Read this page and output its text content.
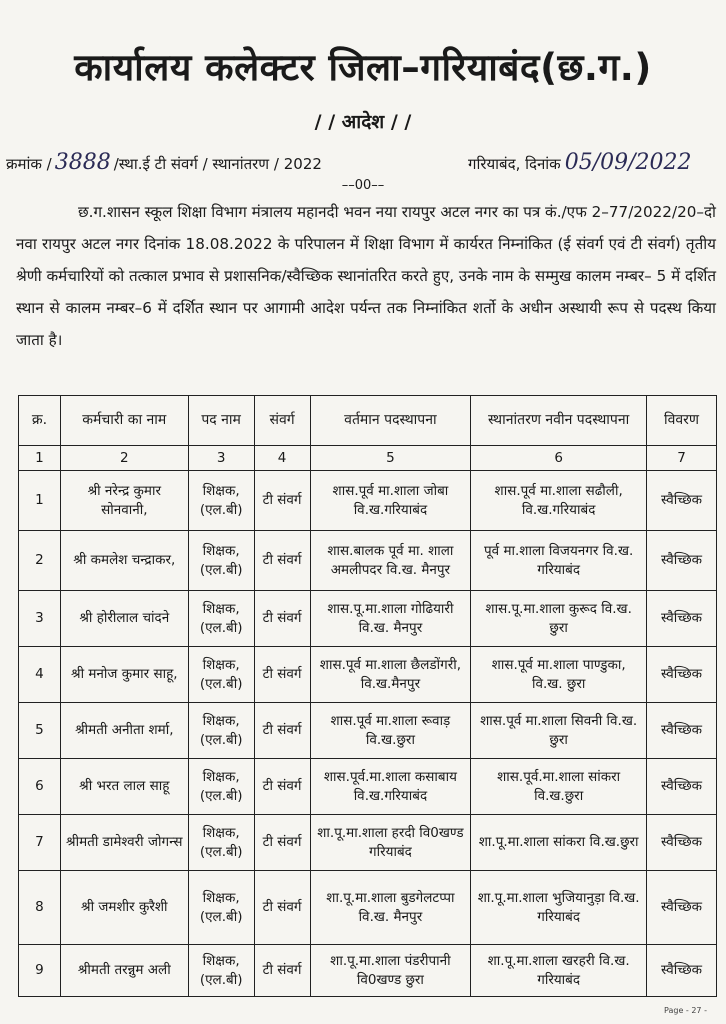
कार्यालय कलेक्टर जिला–गरियाबंद(छ.ग.)
/ / आदेश / /
क्रमांक / 3888 /स्था.ई टी संवर्ग / स्थानांतरण / 2022	गरियाबंद, दिनांक 05/09/2022
––00––
छ.ग.शासन स्कूल शिक्षा विभाग मंत्रालय महानदी भवन नया रायपुर अटल नगर का पत्र कं./एफ 2–77/2022/20–दो नवा रायपुर अटल नगर दिनांक 18.08.2022 के परिपालन में शिक्षा विभाग में कार्यरत निम्नांकित (ई संवर्ग एवं टी संवर्ग) तृतीय श्रेणी कर्मचारियों को तत्काल प्रभाव से प्रशासनिक/स्वैच्छिक स्थानांतरित करते हुए, उनके नाम के सम्मुख कालम नम्बर– 5 में दर्शित स्थान से कालम नम्बर–6 में दर्शित स्थान पर आगामी आदेश पर्यन्त तक निम्नांकित शर्तो के अधीन अस्थायी रूप से पदस्थ किया जाता है।
क्र.	कर्मचारी का नाम	पद नाम	संवर्ग	वर्तमान पदस्थापना	स्थानांतरण नवीन पदस्थापना	विवरण
1	2	3	4	5	6	7
1	श्री नरेन्द्र कुमार सोनवानी,	शिक्षक, (एल.बी)	टी संवर्ग	शास.पूर्व मा.शाला जोबा वि.ख.गरियाबंद	शास.पूर्व मा.शाला सढौली, वि.ख.गरियाबंद	स्वैच्छिक
2	श्री कमलेश चन्द्राकर,	शिक्षक, (एल.बी)	टी संवर्ग	शास.बालक पूर्व मा. शाला अमलीपदर वि.ख. मैनपुर	पूर्व मा.शाला विजयनगर वि.ख. गरियाबंद	स्वैच्छिक
3	श्री होरीलाल चांदने	शिक्षक, (एल.बी)	टी संवर्ग	शास.पू.मा.शाला गोढियारी वि.ख. मैनपुर	शास.पू.मा.शाला कुरूद वि.ख. छुरा	स्वैच्छिक
4	श्री मनोज कुमार साहू,	शिक्षक, (एल.बी)	टी संवर्ग	शास.पूर्व मा.शाला छैलडोंगरी, वि.ख.मैनपुर	शास.पूर्व मा.शाला पाण्डुका, वि.ख. छुरा	स्वैच्छिक
5	श्रीमती अनीता शर्मा,	शिक्षक, (एल.बी)	टी संवर्ग	शास.पूर्व मा.शाला रूवाड़ वि.ख.छुरा	शास.पूर्व मा.शाला सिवनी वि.ख. छुरा	स्वैच्छिक
6	श्री भरत लाल साहू	शिक्षक, (एल.बी)	टी संवर्ग	शास.पूर्व.मा.शाला कसाबाय वि.ख.गरियाबंद	शास.पूर्व.मा.शाला सांकरा वि.ख.छुरा	स्वैच्छिक
7	श्रीमती डामेश्वरी जोगन्स	शिक्षक, (एल.बी)	टी संवर्ग	शा.पू.मा.शाला हरदी वि0खण्ड गरियाबंद	शा.पू.मा.शाला सांकरा वि.ख.छुरा	स्वैच्छिक
8	श्री जमशीर कुरैशी	शिक्षक, (एल.बी)	टी संवर्ग	शा.पू.मा.शाला बुडगेलटप्पा वि.ख. मैनपुर	शा.पू.मा.शाला भुजियानुड़ा वि.ख. गरियाबंद	स्वैच्छिक
9	श्रीमती तरन्नुम अली	शिक्षक, (एल.बी)	टी संवर्ग	शा.पू.मा.शाला पंडरीपानी वि0खण्ड छुरा	शा.पू.मा.शाला खरहरी वि.ख. गरियाबंद	स्वैच्छिक
Page - 27 -
